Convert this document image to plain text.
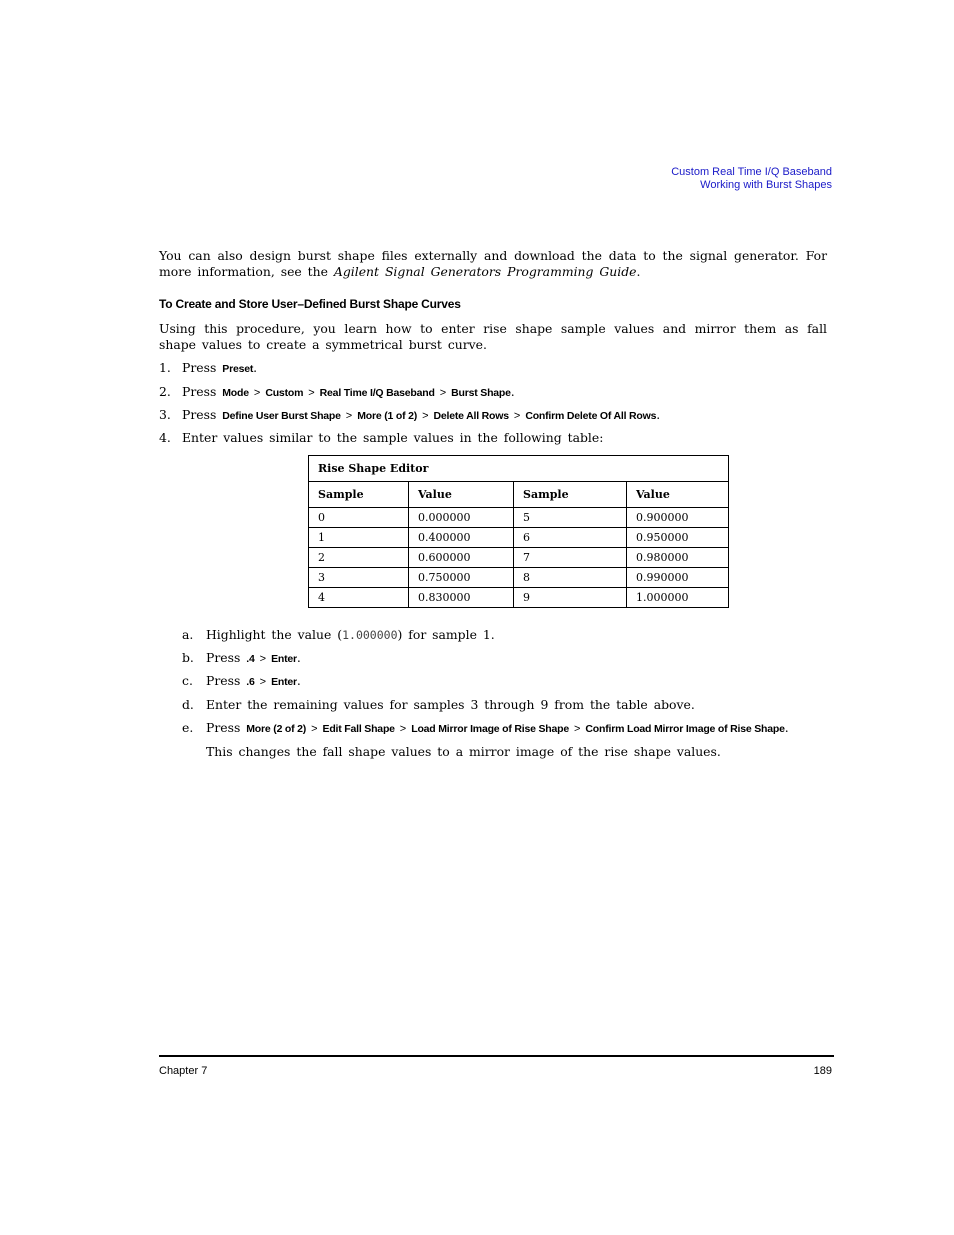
Custom Real Time I/Q Baseband
Working with Burst Shapes
You can also design burst shape files externally and download the data to the signal generator. For more information, see the Agilent Signal Generators Programming Guide.
To Create and Store User–Defined Burst Shape Curves
Using this procedure, you learn how to enter rise shape sample values and mirror them as fall shape values to create a symmetrical burst curve.
1. Press Preset.
2. Press Mode > Custom > Real Time I/Q Baseband > Burst Shape.
3. Press Define User Burst Shape > More (1 of 2) > Delete All Rows > Confirm Delete Of All Rows.
4. Enter values similar to the sample values in the following table:
Rise Shape Editor			
Sample	Value	Sample	Value
0	0.000000	5	0.900000
1	0.400000	6	0.950000
2	0.600000	7	0.980000
3	0.750000	8	0.990000
4	0.830000	9	1.000000
a. Highlight the value (1.000000) for sample 1.
b. Press .4 > Enter.
c. Press .6 > Enter.
d. Enter the remaining values for samples 3 through 9 from the table above.
e. Press More (2 of 2) > Edit Fall Shape > Load Mirror Image of Rise Shape > Confirm Load Mirror Image of Rise Shape.
This changes the fall shape values to a mirror image of the rise shape values.
Chapter 7	189
